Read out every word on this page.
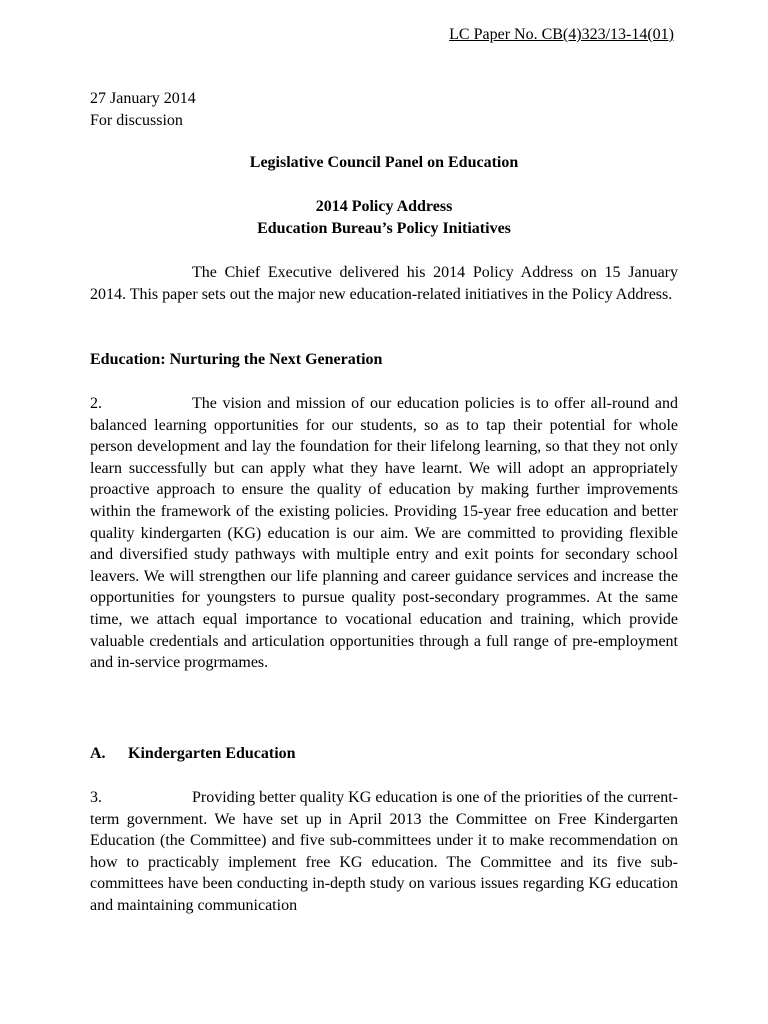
LC Paper No. CB(4)323/13-14(01)
27 January 2014
For discussion
Legislative Council Panel on Education
2014 Policy Address
Education Bureau’s Policy Initiatives

The Chief Executive delivered his 2014 Policy Address on 15 January 2014. This paper sets out the major new education-related initiatives in the Policy Address.

Education: Nurturing the Next Generation

2.	The vision and mission of our education policies is to offer all-round and balanced learning opportunities for our students, so as to tap their potential for whole person development and lay the foundation for their lifelong learning, so that they not only learn successfully but can apply what they have learnt. We will adopt an appropriately proactive approach to ensure the quality of education by making further improvements within the framework of the existing policies. Providing 15-year free education and better quality kindergarten (KG) education is our aim. We are committed to providing flexible and diversified study pathways with multiple entry and exit points for secondary school leavers. We will strengthen our life planning and career guidance services and increase the opportunities for youngsters to pursue quality post-secondary programmes. At the same time, we attach equal importance to vocational education and training, which provide valuable credentials and articulation opportunities through a full range of pre-employment and in-service progrmames.

A. Kindergarten Education

3.	Providing better quality KG education is one of the priorities of the current-term government. We have set up in April 2013 the Committee on Free Kindergarten Education (the Committee) and five sub-committees under it to make recommendation on how to practicably implement free KG education. The Committee and its five sub-committees have been conducting in-depth study on various issues regarding KG education and maintaining communication
